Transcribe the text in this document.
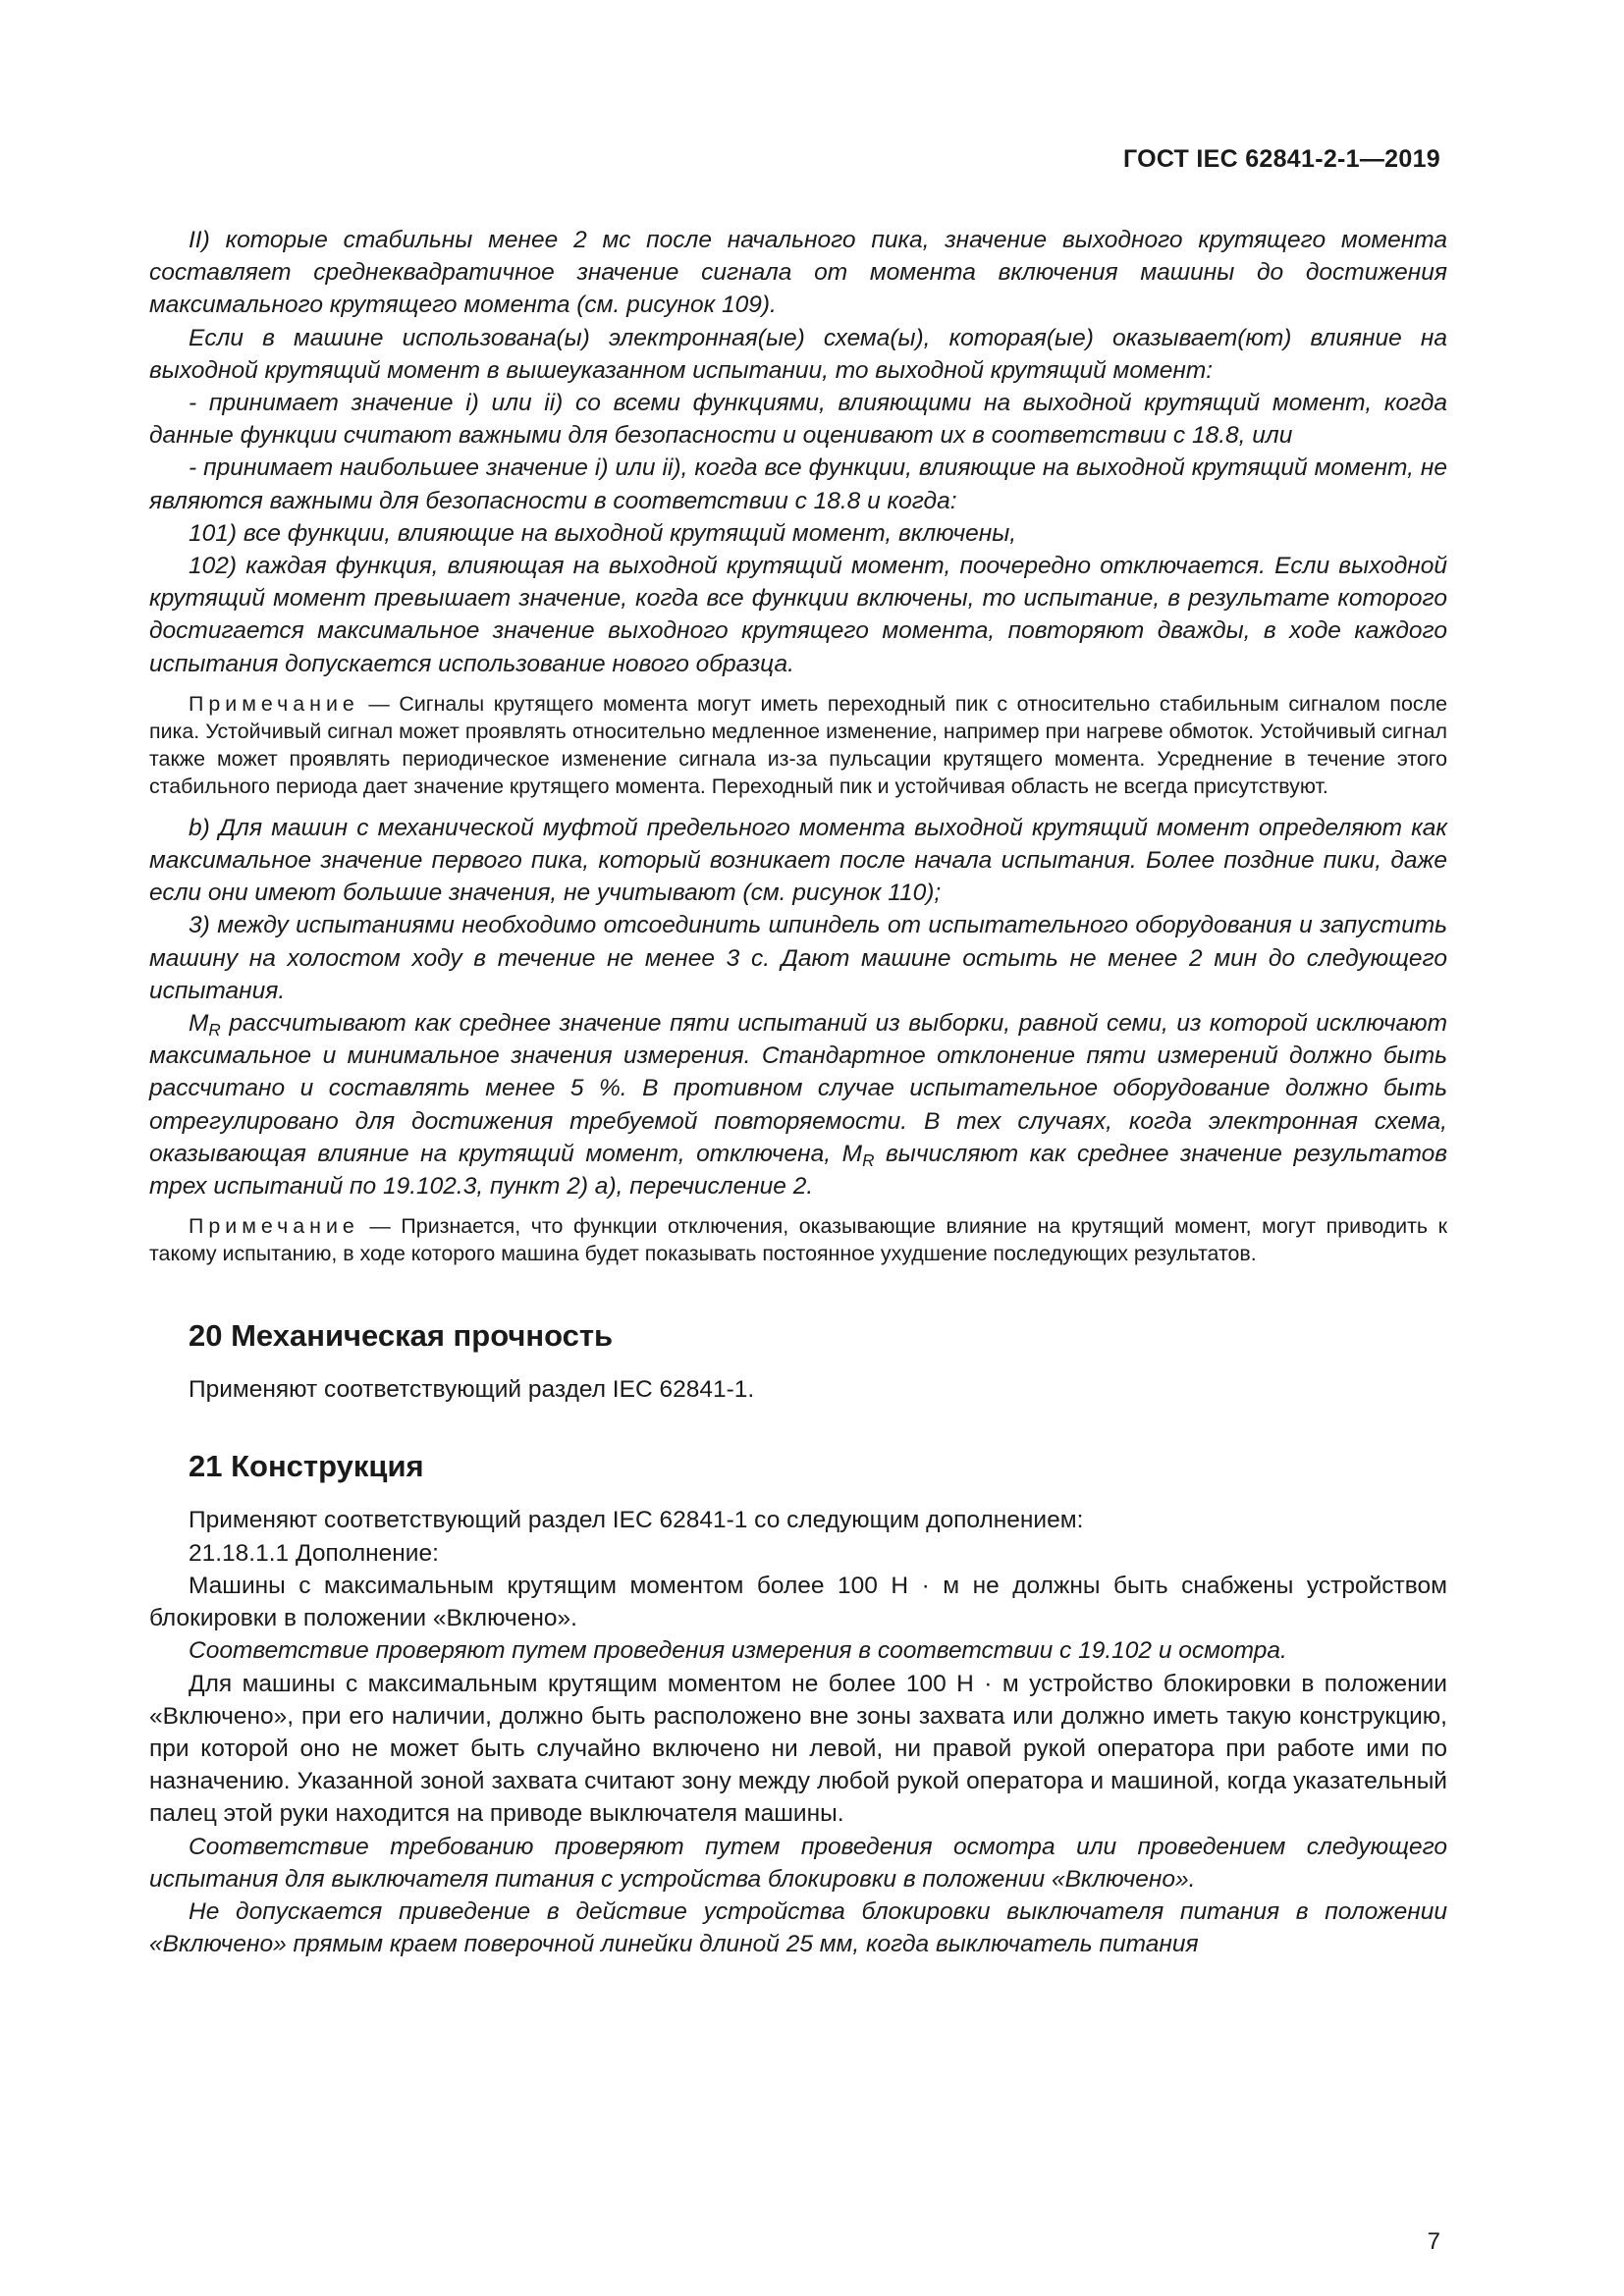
ГОСТ IEC 62841-2-1—2019

II) которые стабильны менее 2 мс после начального пика, значение выходного крутящего момента составляет среднеквадратичное значение сигнала от момента включения машины до достижения максимального крутящего момента (см. рисунок 109).

Если в машине использована(ы) электронная(ые) схема(ы), которая(ые) оказывает(ют) влияние на выходной крутящий момент в вышеуказанном испытании, то выходной крутящий момент:

- принимает значение i) или ii) со всеми функциями, влияющими на выходной крутящий момент, когда данные функции считают важными для безопасности и оценивают их в соответствии с 18.8, или

- принимает наибольшее значение i) или ii), когда все функции, влияющие на выходной крутящий момент, не являются важными для безопасности в соответствии с 18.8 и когда:

101) все функции, влияющие на выходной крутящий момент, включены,

102) каждая функция, влияющая на выходной крутящий момент, поочередно отключается. Если выходной крутящий момент превышает значение, когда все функции включены, то испытание, в результате которого достигается максимальное значение выходного крутящего момента, повторяют дважды, в ходе каждого испытания допускается использование нового образца.

Примечание — Сигналы крутящего момента могут иметь переходный пик с относительно стабильным сигналом после пика. Устойчивый сигнал может проявлять относительно медленное изменение, например при нагреве обмоток. Устойчивый сигнал также может проявлять периодическое изменение сигнала из-за пульсации крутящего момента. Усреднение в течение этого стабильного периода дает значение крутящего момента. Переходный пик и устойчивая область не всегда присутствуют.

b) Для машин с механической муфтой предельного момента выходной крутящий момент определяют как максимальное значение первого пика, который возникает после начала испытания. Более поздние пики, даже если они имеют большие значения, не учитывают (см. рисунок 110);

3) между испытаниями необходимо отсоединить шпиндель от испытательного оборудования и запустить машину на холостом ходу в течение не менее 3 с. Дают машине остыть не менее 2 мин до следующего испытания.

$M_R$ рассчитывают как среднее значение пяти испытаний из выборки, равной семи, из которой исключают максимальное и минимальное значения измерения. Стандартное отклонение пяти измерений должно быть рассчитано и составлять менее 5 %. В противном случае испытательное оборудование должно быть отрегулировано для достижения требуемой повторяемости. В тех случаях, когда электронная схема, оказывающая влияние на крутящий момент, отключена, $M_R$ вычисляют как среднее значение результатов трех испытаний по 19.102.3, пункт 2) а), перечисление 2.

Примечание — Признается, что функции отключения, оказывающие влияние на крутящий момент, могут приводить к такому испытанию, в ходе которого машина будет показывать постоянное ухудшение последующих результатов.

20 Механическая прочность

Применяют соответствующий раздел IEC 62841-1.

21 Конструкция

Применяют соответствующий раздел IEC 62841-1 со следующим дополнением:

21.18.1.1 Дополнение:

Машины с максимальным крутящим моментом более 100 Н · м не должны быть снабжены устройством блокировки в положении «Включено».

Соответствие проверяют путем проведения измерения в соответствии с 19.102 и осмотра.

Для машины с максимальным крутящим моментом не более 100 Н · м устройство блокировки в положении «Включено», при его наличии, должно быть расположено вне зоны захвата или должно иметь такую конструкцию, при которой оно не может быть случайно включено ни левой, ни правой рукой оператора при работе ими по назначению. Указанной зоной захвата считают зону между любой рукой оператора и машиной, когда указательный палец этой руки находится на приводе выключателя машины.

Соответствие требованию проверяют путем проведения осмотра или проведением следующего испытания для выключателя питания с устройства блокировки в положении «Включено».

Не допускается приведение в действие устройства блокировки выключателя питания в положении «Включено» прямым краем поверочной линейки длиной 25 мм, когда выключатель питания

7
